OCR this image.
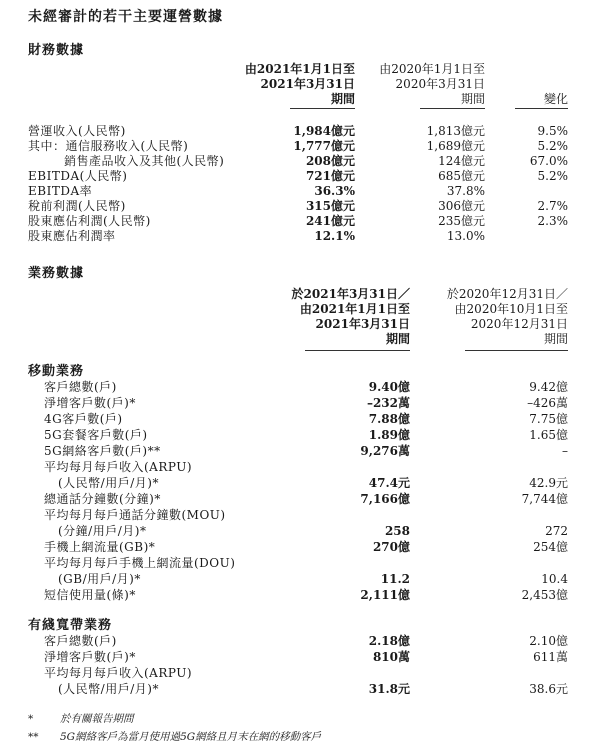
未經審計的若干主要運營數據
財務數據
由2021年1月1日至
2021年3月31日
期間
由2020年1月1日至
2020年3月31日
期間	變化
營運收入(人民幣)	1,984億元	1,813億元	9.5%
其中：通信服務收入(人民幣)	1,777億元	1,689億元	5.2%
銷售產品收入及其他(人民幣)	208億元	124億元	67.0%
EBITDA(人民幣)	721億元	685億元	5.2%
EBITDA率	36.3%	37.8%
稅前利潤(人民幣)	315億元	306億元	2.7%
股東應佔利潤(人民幣)	241億元	235億元	2.3%
股東應佔利潤率	12.1%	13.0%
業務數據
於2021年3月31日／
由2021年1月1日至
2021年3月31日
期間
於2020年12月31日／
由2020年10月1日至
2020年12月31日
期間
移動業務
客戶總數(戶)	9.40億	9.42億
淨增客戶數(戶)*	–232萬	–426萬
4G客戶數(戶)	7.88億	7.75億
5G套餐客戶數(戶)	1.89億	1.65億
5G網絡客戶數(戶)**	9,276萬	–
平均每月每戶收入(ARPU)
(人民幣/用戶/月)*	47.4元	42.9元
總通話分鐘數(分鐘)*	7,166億	7,744億
平均每月每戶通話分鐘數(MOU)
(分鐘/用戶/月)*	258	272
手機上網流量(GB)*	270億	254億
平均每月每戶手機上網流量(DOU)
(GB/用戶/月)*	11.2	10.4
短信使用量(條)*	2,111億	2,453億
有綫寬帶業務
客戶總數(戶)	2.18億	2.10億
淨增客戶數(戶)*	810萬	611萬
平均每月每戶收入(ARPU)
(人民幣/用戶/月)*	31.8元	38.6元
*	於有關報告期間
** 5G網絡客戶為當月使用過5G網絡且月末在網的移動客戶
